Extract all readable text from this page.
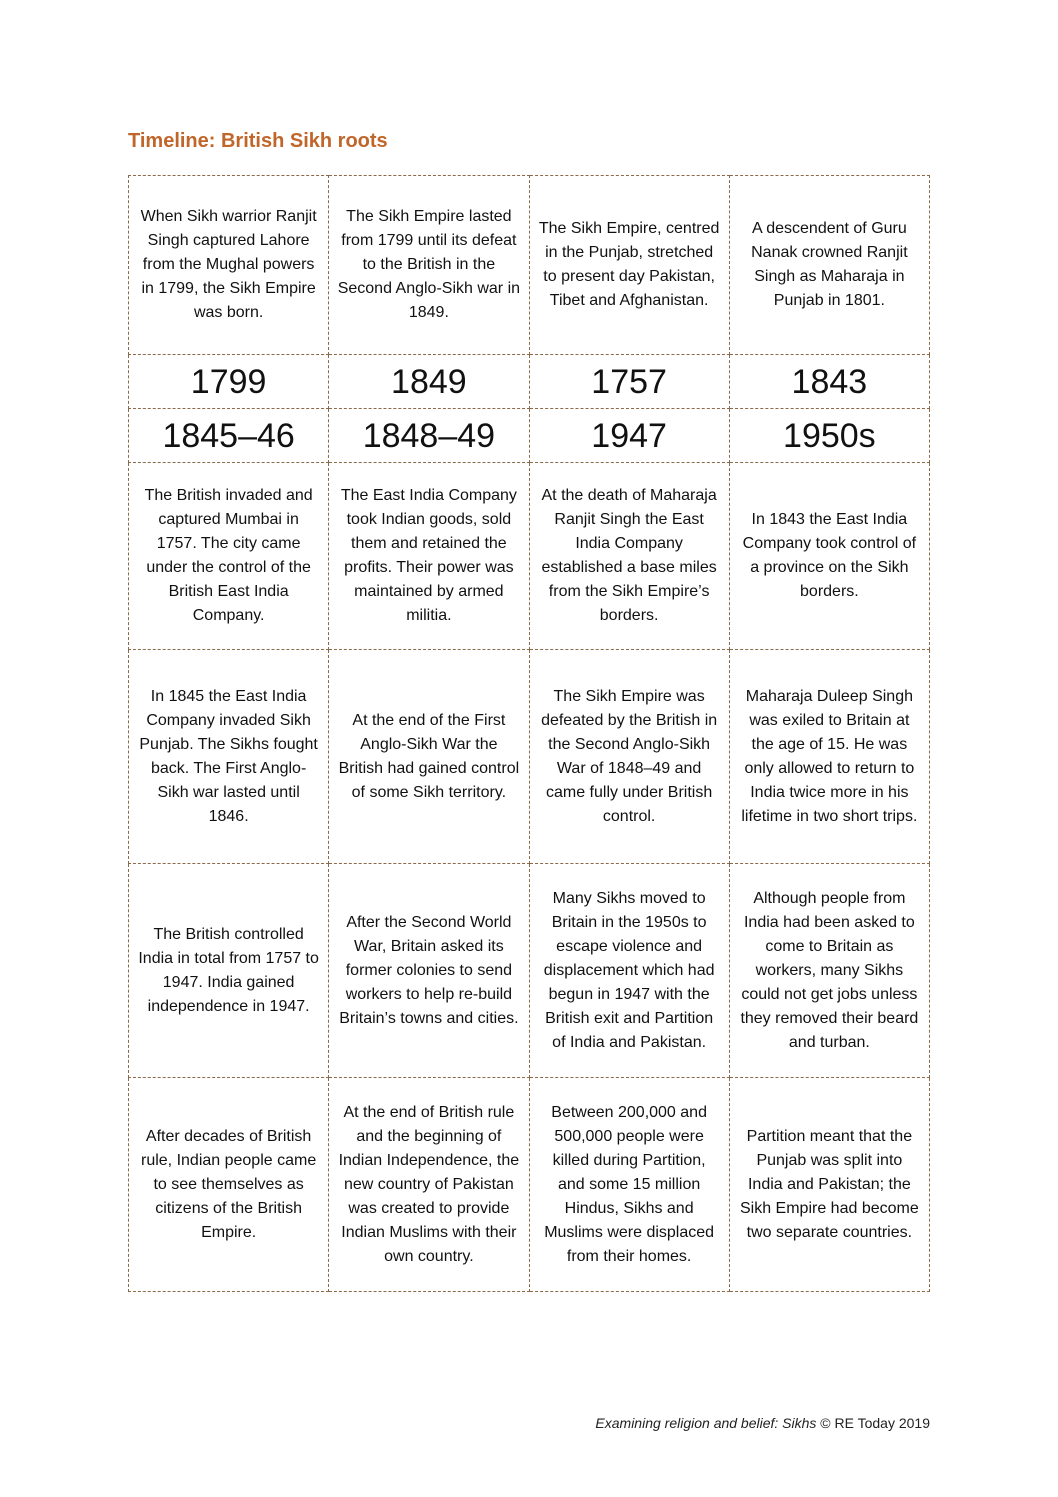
Timeline: British Sikh roots
When Sikh warrior Ranjit Singh captured Lahore from the Mughal powers in 1799, the Sikh Empire was born.	The Sikh Empire lasted from 1799 until its defeat to the British in the Second Anglo-Sikh war in 1849.	The Sikh Empire, centred in the Punjab, stretched to present day Pakistan, Tibet and Afghanistan.	A descendent of Guru Nanak crowned Ranjit Singh as Maharaja in Punjab in 1801.
1799	1849	1757	1843
1845–46	1848–49	1947	1950s
The British invaded and captured Mumbai in 1757. The city came under the control of the British East India Company.	The East India Company took Indian goods, sold them and retained the profits. Their power was maintained by armed militia.	At the death of Maharaja Ranjit Singh the East India Company established a base miles from the Sikh Empire’s borders.	In 1843 the East India Company took control of a province on the Sikh borders.
In 1845 the East India Company invaded Sikh Punjab. The Sikhs fought back. The First Anglo-Sikh war lasted until 1846.	At the end of the First Anglo-Sikh War the British had gained control of some Sikh territory.	The Sikh Empire was defeated by the British in the Second Anglo-Sikh War of 1848–49 and came fully under British control.	Maharaja Duleep Singh was exiled to Britain at the age of 15. He was only allowed to return to India twice more in his lifetime in two short trips.
The British controlled India in total from 1757 to 1947. India gained independence in 1947.	After the Second World War, Britain asked its former colonies to send workers to help re-build Britain’s towns and cities.	Many Sikhs moved to Britain in the 1950s to escape violence and displacement which had begun in 1947 with the British exit and Partition of India and Pakistan.	Although people from India had been asked to come to Britain as workers, many Sikhs could not get jobs unless they removed their beard and turban.
After decades of British rule, Indian people came to see themselves as citizens of the British Empire.	At the end of British rule and the beginning of Indian Independence, the new country of Pakistan was created to provide Indian Muslims with their own country.	Between 200,000 and 500,000 people were killed during Partition, and some 15 million Hindus, Sikhs and Muslims were displaced from their homes.	Partition meant that the Punjab was split into India and Pakistan; the Sikh Empire had become two separate countries.
Examining religion and belief: Sikhs © RE Today 2019
